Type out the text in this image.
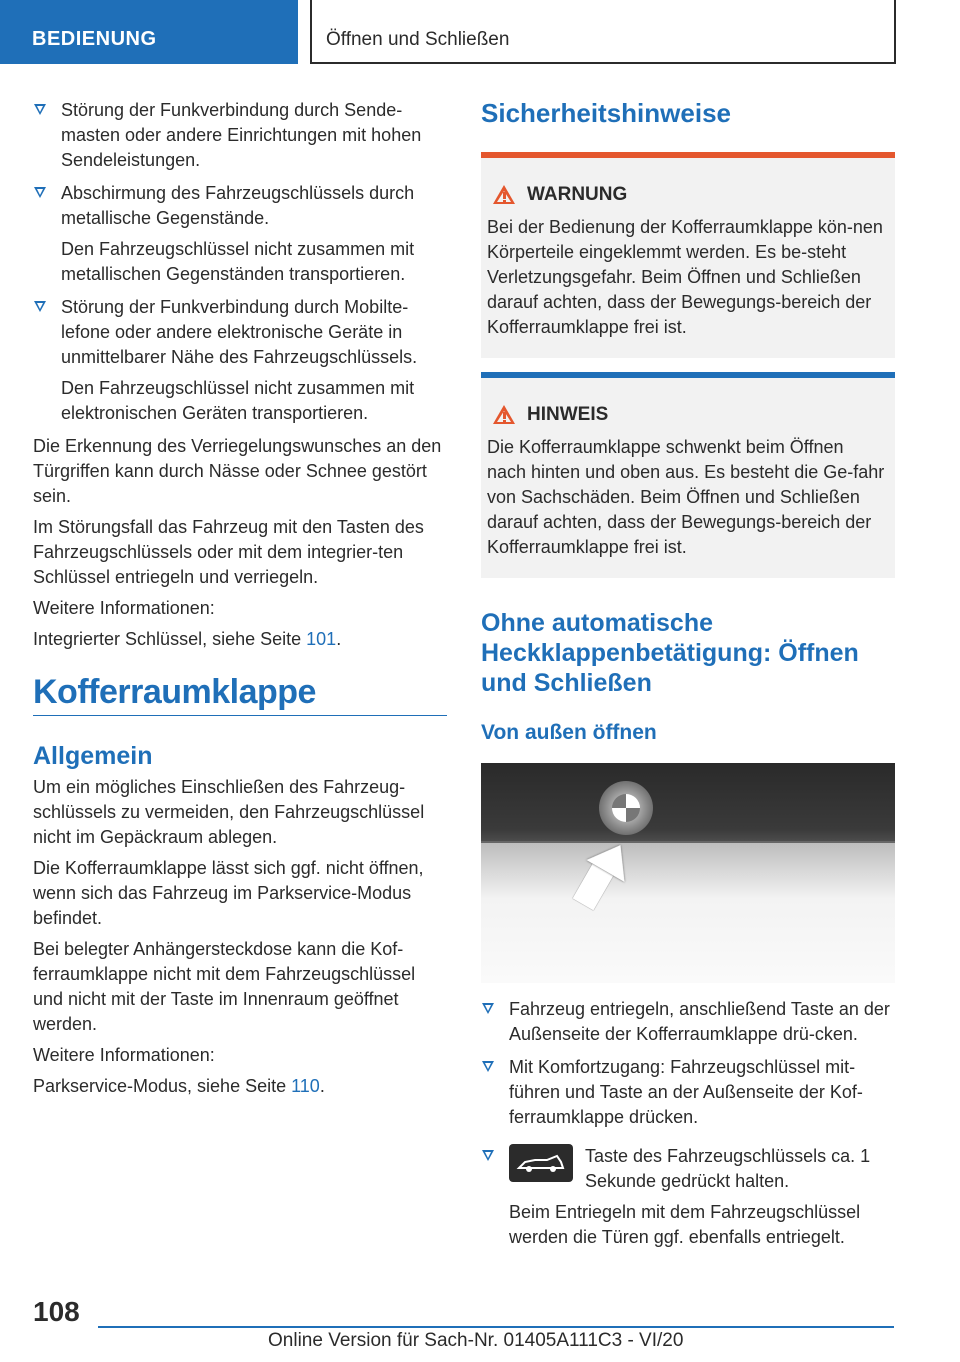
BEDIENUNG	Öffnen und Schließen

Störung der Funkverbindung durch Sende-masten oder andere Einrichtungen mit hohen Sendeleistungen.

Abschirmung des Fahrzeugschlüssels durch metallische Gegenstände.

Den Fahrzeugschlüssel nicht zusammen mit metallischen Gegenständen transportieren.

Störung der Funkverbindung durch Mobilte-lefone oder andere elektronische Geräte in unmittelbarer Nähe des Fahrzeugschlüssels.

Den Fahrzeugschlüssel nicht zusammen mit elektronischen Geräten transportieren.

Die Erkennung des Verriegelungswunsches an den Türgriffen kann durch Nässe oder Schnee gestört sein.

Im Störungsfall das Fahrzeug mit den Tasten des Fahrzeugschlüssels oder mit dem integrier-ten Schlüssel entriegeln und verriegeln.

Weitere Informationen:

Integrierter Schlüssel, siehe Seite 101.

Kofferraumklappe
Allgemein

Um ein mögliches Einschließen des Fahrzeug-schlüssels zu vermeiden, den Fahrzeugschlüssel nicht im Gepäckraum ablegen.

Die Kofferraumklappe lässt sich ggf. nicht öffnen, wenn sich das Fahrzeug im Parkservice-Modus befindet.

Bei belegter Anhängersteckdose kann die Kof-ferraumklappe nicht mit dem Fahrzeugschlüssel und nicht mit der Taste im Innenraum geöffnet werden.

Weitere Informationen:

Parkservice-Modus, siehe Seite 110.

Sicherheitshinweise
WARNUNG
Bei der Bedienung der Kofferraumklappe kön-nen Körperteile eingeklemmt werden. Es be-steht Verletzungsgefahr. Beim Öffnen und Schließen darauf achten, dass der Bewegungs-bereich der Kofferraumklappe frei ist.
HINWEIS
Die Kofferraumklappe schwenkt beim Öffnen nach hinten und oben aus. Es besteht die Ge-fahr von Sachschäden. Beim Öffnen und Schließen darauf achten, dass der Bewegungs-bereich der Kofferraumklappe frei ist.
Ohne automatische Heckklappenbetätigung: Öffnen und Schließen
Von außen öffnen

Fahrzeug entriegeln, anschließend Taste an der Außenseite der Kofferraumklappe drü-cken.

Mit Komfortzugang: Fahrzeugschlüssel mit-führen und Taste an der Außenseite der Kof-ferraumklappe drücken.

Taste des Fahrzeugschlüssels ca. 1 Sekunde gedrückt halten.

Beim Entriegeln mit dem Fahrzeugschlüssel werden die Türen ggf. ebenfalls entriegelt.

108
Online Version für Sach-Nr. 01405A111C3 - VI/20
